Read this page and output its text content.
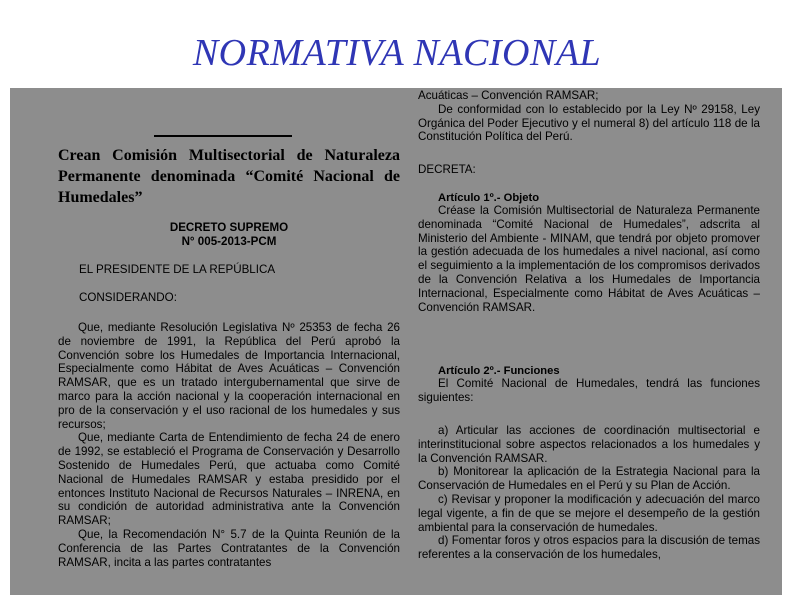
NORMATIVA NACIONAL

Crean Comisión Multisectorial de Naturaleza Permanente denominada “Comité Nacional de Humedales”

DECRETO SUPREMO
N° 005-2013-PCM
EL PRESIDENTE DE LA REPÚBLICA
CONSIDERANDO:

Que, mediante Resolución Legislativa Nº 25353 de fecha 26 de noviembre de 1991, la República del Perú aprobó la Convención sobre los Humedales de Importancia Internacional, Especialmente como Hábitat de Aves Acuáticas – Convención RAMSAR, que es un tratado intergubernamental que sirve de marco para la acción nacional y la cooperación internacional en pro de la conservación y el uso racional de los humedales y sus recursos;

Que, mediante Carta de Entendimiento de fecha 24 de enero de 1992, se estableció el Programa de Conservación y Desarrollo Sostenido de Humedales Perú, que actuaba como Comité Nacional de Humedales RAMSAR y estaba presidido por el entonces Instituto Nacional de Recursos Naturales – INRENA, en su condición de autoridad administrativa ante la Convención RAMSAR;

Que, la Recomendación N° 5.7 de la Quinta Reunión de la Conferencia de las Partes Contratantes de la Convención RAMSAR, incita a las partes contratantes

Acuáticas – Convención RAMSAR;

De conformidad con lo establecido por la Ley Nº 29158, Ley Orgánica del Poder Ejecutivo y el numeral 8) del artículo 118 de la Constitución Política del Perú.

DECRETA:
Artículo 1º.- Objeto

Créase la Comisión Multisectorial de Naturaleza Permanente denominada “Comité Nacional de Humedales”, adscrita al Ministerio del Ambiente - MINAM, que tendrá por objeto promover la gestión adecuada de los humedales a nivel nacional, así como el seguimiento a la implementación de los compromisos derivados de la Convención Relativa a los Humedales de Importancia Internacional, Especialmente como Hábitat de Aves Acuáticas – Convención RAMSAR.

Artículo 2º.- Funciones

El Comité Nacional de Humedales, tendrá las funciones siguientes:

a) Articular las acciones de coordinación multisectorial e interinstitucional sobre aspectos relacionados a los humedales y la Convención RAMSAR.

b) Monitorear la aplicación de la Estrategia Nacional para la Conservación de Humedales en el Perú y su Plan de Acción.

c) Revisar y proponer la modificación y adecuación del marco legal vigente, a fin de que se mejore el desempeño de la gestión ambiental para la conservación de humedales.

d) Fomentar foros y otros espacios para la discusión de temas referentes a la conservación de los humedales,
